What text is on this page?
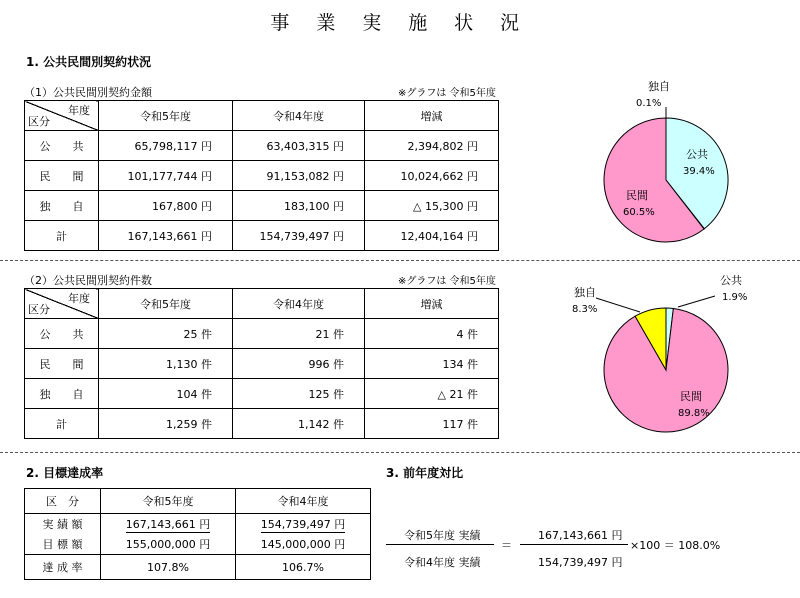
事 業 実 施 状 況
1. 公共民間別契約状況
（1）公共民間別契約金額	※グラフは 令和5年度
年度
区分	令和5年度	令和4年度	増減
公　　共	65,798,117 円	63,403,315 円	2,394,802 円
民　　間	101,177,744 円	91,153,082 円	10,024,662 円
独　　自	167,800 円	183,100 円	△ 15,300 円
計	167,143,661 円	154,739,497 円	12,404,164 円
独自
0.1%
公共
39.4%
民間
60.5%
（2）公共民間別契約件数	※グラフは 令和5年度
年度
区分	令和5年度	令和4年度	増減
公　　共	25 件	21 件	4 件
民　　間	1,130 件	996 件	134 件
独　　自	104 件	125 件	△ 21 件
計	1,259 件	1,142 件	117 件
独自
8.3%
公共
1.9%
民間
89.8%
2. 目標達成率
区　分	令和5年度	令和4年度
実 績 額	167,143,661 円	154,739,497 円
目 標 額	155,000,000 円	145,000,000 円
達 成 率	107.8%	106.7%
3. 前年度対比
令和5年度 実績
令和4年度 実績
＝
167,143,661 円
154,739,497 円
×100 ＝ 108.0%
